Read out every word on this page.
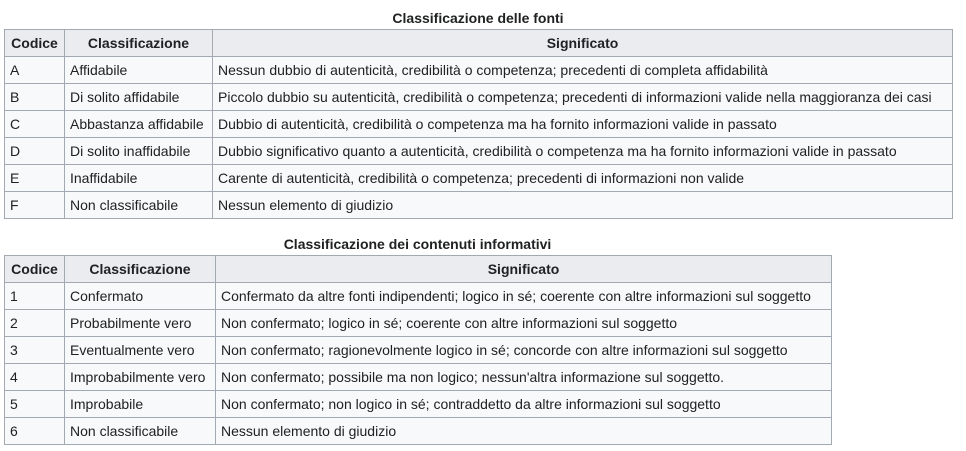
Classificazione delle fonti
Codice	Classificazione	Significato
A	Affidabile	Nessun dubbio di autenticità, credibilità o competenza; precedenti di completa affidabilità
B	Di solito affidabile	Piccolo dubbio su autenticità, credibilità o competenza; precedenti di informazioni valide nella maggioranza dei casi
C	Abbastanza affidabile	Dubbio di autenticità, credibilità o competenza ma ha fornito informazioni valide in passato
D	Di solito inaffidabile	Dubbio significativo quanto a autenticità, credibilità o competenza ma ha fornito informazioni valide in passato
E	Inaffidabile	Carente di autenticità, credibilità o competenza; precedenti di informazioni non valide
F	Non classificabile	Nessun elemento di giudizio
Classificazione dei contenuti informativi
Codice	Classificazione	Significato
1	Confermato	Confermato da altre fonti indipendenti; logico in sé; coerente con altre informazioni sul soggetto
2	Probabilmente vero	Non confermato; logico in sé; coerente con altre informazioni sul soggetto
3	Eventualmente vero	Non confermato; ragionevolmente logico in sé; concorde con altre informazioni sul soggetto
4	Improbabilmente vero	Non confermato; possibile ma non logico; nessun'altra informazione sul soggetto.
5	Improbabile	Non confermato; non logico in sé; contraddetto da altre informazioni sul soggetto
6	Non classificabile	Nessun elemento di giudizio
